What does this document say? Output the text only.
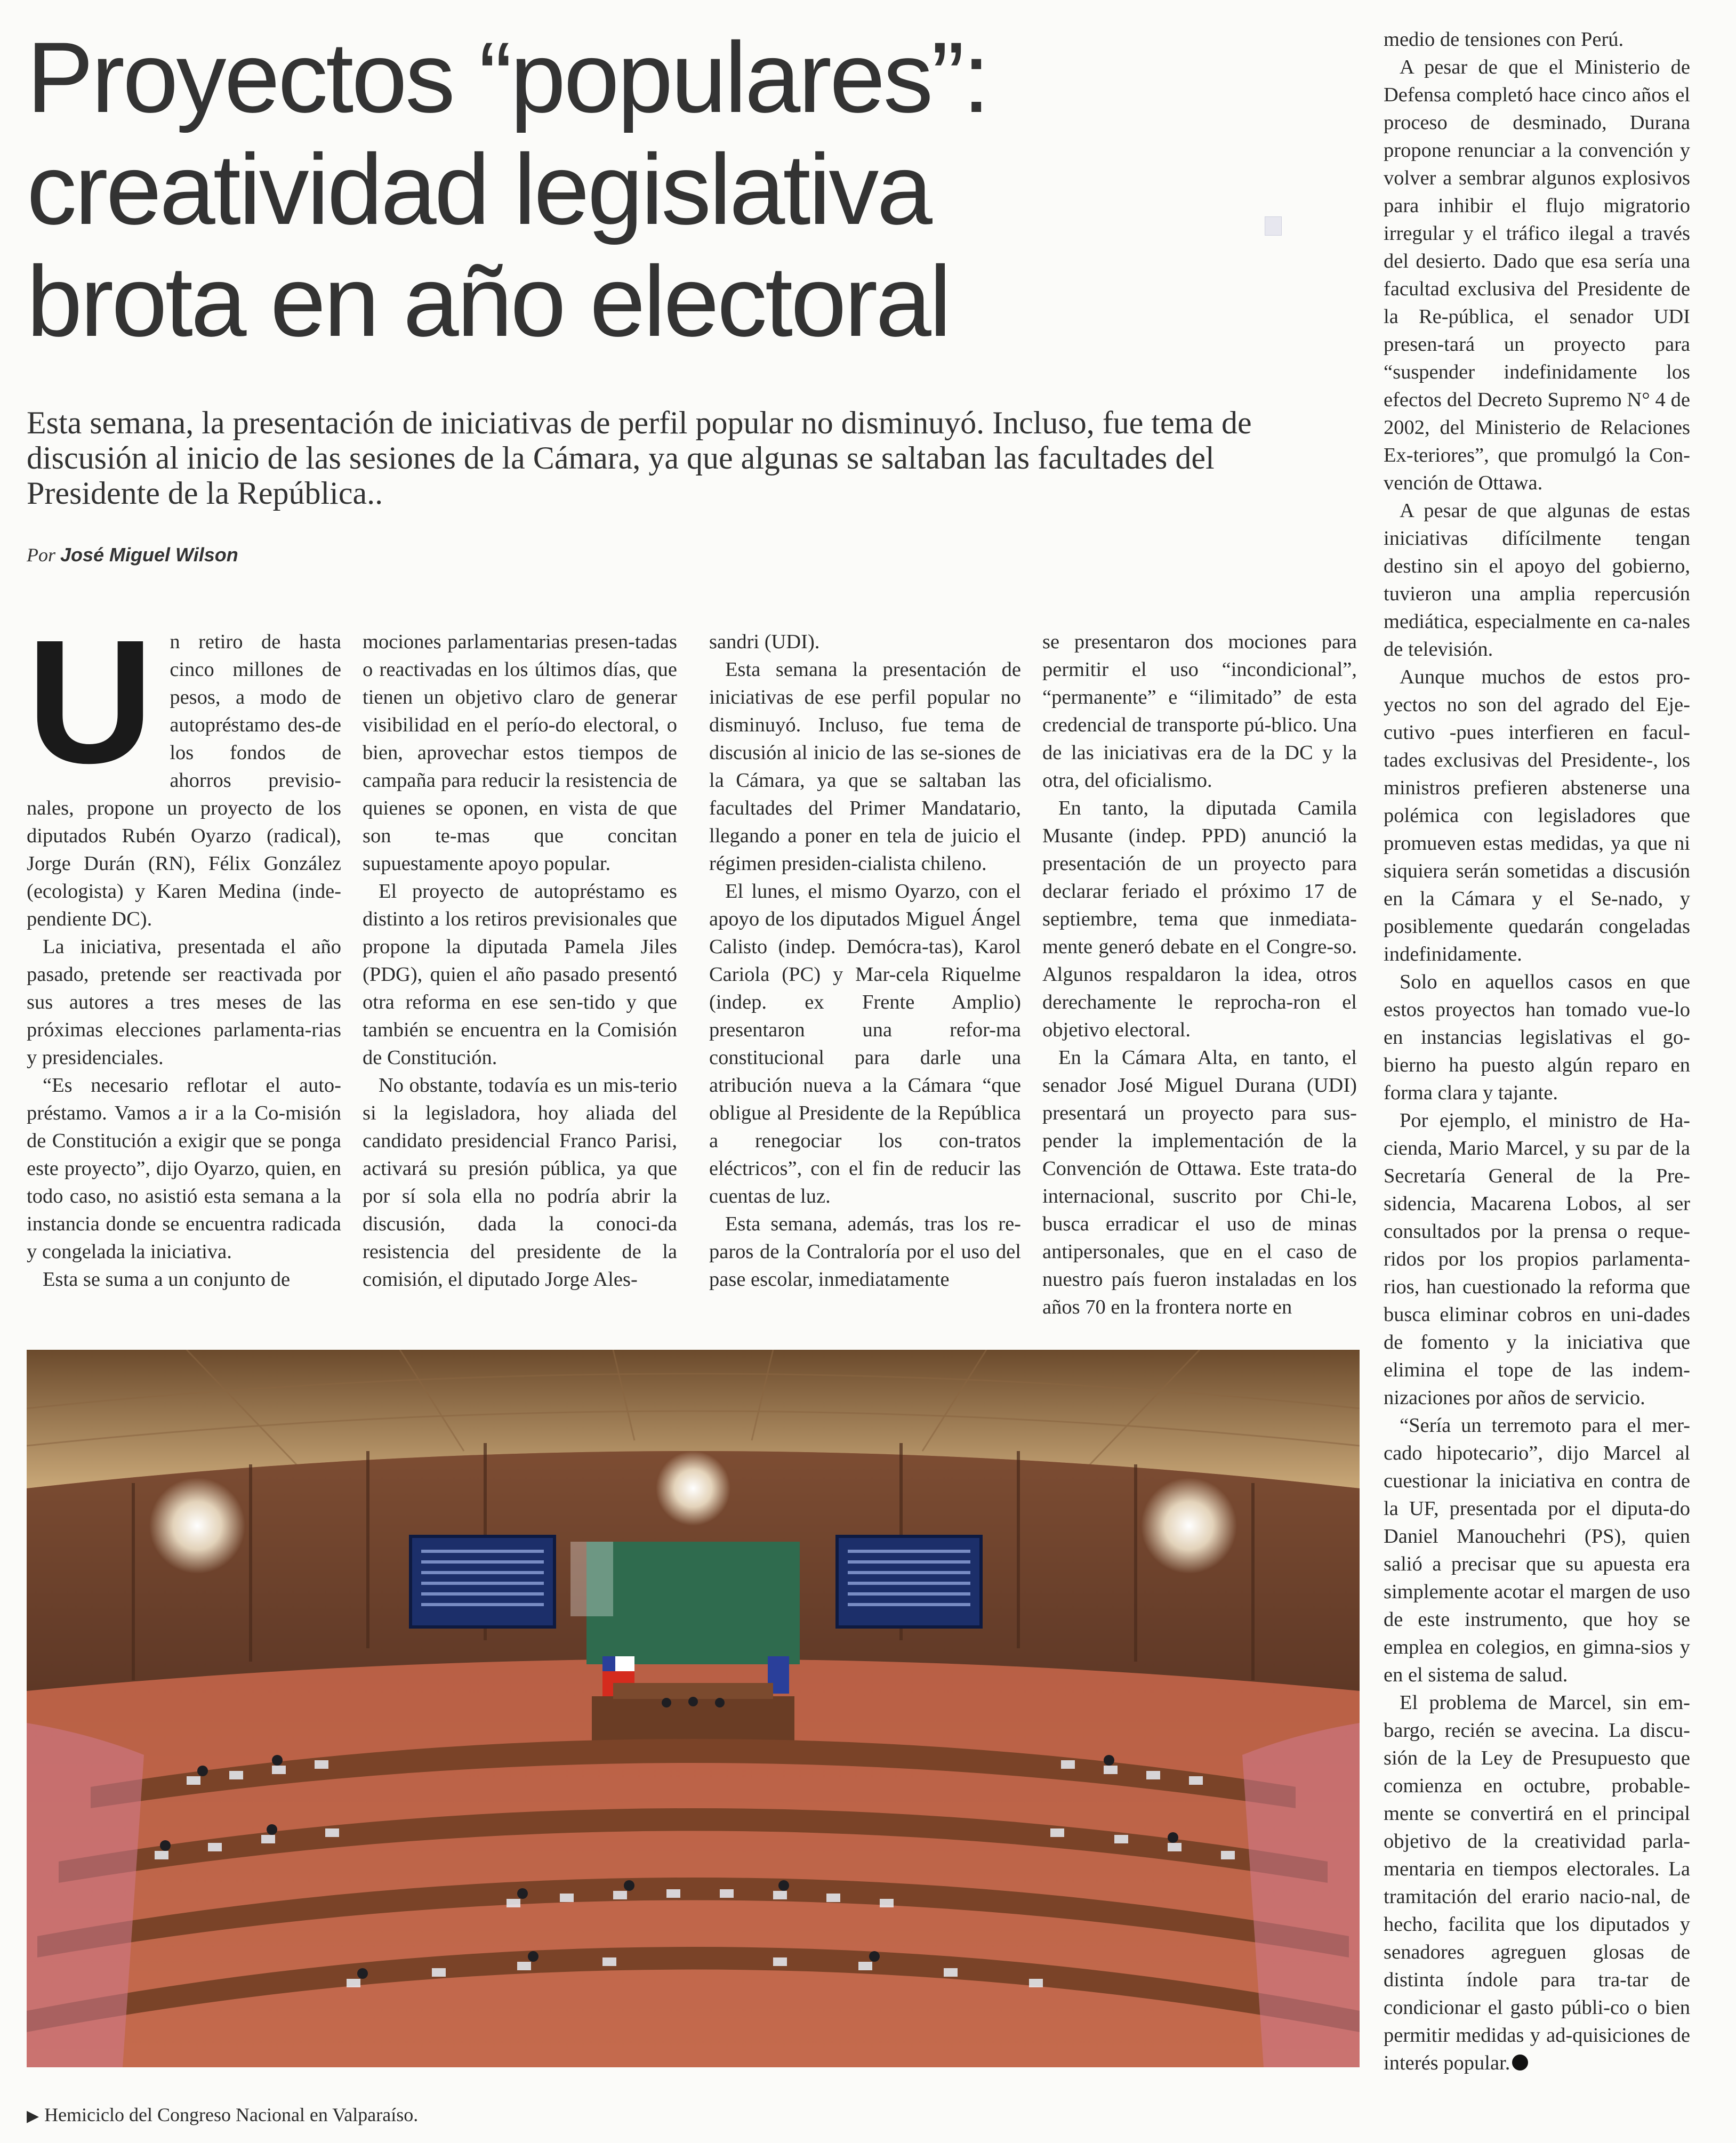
Proyectos “populares”:
creatividad legislativa
brota en año electoral

Esta semana, la presentación de iniciativas de perfil popular no disminuyó. Incluso, fue tema de discusión al inicio de las sesiones de la Cámara, ya que algunas se saltaban las facultades del Presidente de la República..

Por José Miguel Wilson

Un retiro de hasta cinco millones de pesos, a modo de autopréstamo des-de los fondos de ahorros previsio-nales, propone un proyecto de los diputados Rubén Oyarzo (radical), Jorge Durán (RN), Félix González (ecologista) y Karen Medina (inde-pendiente DC).

La iniciativa, presentada el año pasado, pretende ser reactivada por sus autores a tres meses de las próximas elecciones parlamenta-rias y presidenciales.

“Es necesario reflotar el auto-préstamo. Vamos a ir a la Co-misión de Constitución a exigir que se ponga este proyecto”, dijo Oyarzo, quien, en todo caso, no asistió esta semana a la instancia donde se encuentra radicada y congelada la iniciativa.

Esta se suma a un conjunto de

mociones parlamentarias presen-tadas o reactivadas en los últimos días, que tienen un objetivo claro de generar visibilidad en el perío-do electoral, o bien, aprovechar estos tiempos de campaña para reducir la resistencia de quienes se oponen, en vista de que son te-mas que concitan supuestamente apoyo popular.

El proyecto de autopréstamo es distinto a los retiros previsionales que propone la diputada Pamela Jiles (PDG), quien el año pasado presentó otra reforma en ese sen-tido y que también se encuentra en la Comisión de Constitución.

No obstante, todavía es un mis-terio si la legisladora, hoy aliada del candidato presidencial Franco Parisi, activará su presión pública, ya que por sí sola ella no podría abrir la discusión, dada la conoci-da resistencia del presidente de la comisión, el diputado Jorge Ales-

sandri (UDI).

Esta semana la presentación de iniciativas de ese perfil popular no disminuyó. Incluso, fue tema de discusión al inicio de las se-siones de la Cámara, ya que se saltaban las facultades del Primer Mandatario, llegando a poner en tela de juicio el régimen presiden-cialista chileno.

El lunes, el mismo Oyarzo, con el apoyo de los diputados Miguel Ángel Calisto (indep. Demócra-tas), Karol Cariola (PC) y Mar-cela Riquelme (indep. ex Frente Amplio) presentaron una refor-ma constitucional para darle una atribución nueva a la Cámara “que obligue al Presidente de la República a renegociar los con-tratos eléctricos”, con el fin de reducir las cuentas de luz.

Esta semana, además, tras los re-paros de la Contraloría por el uso del pase escolar, inmediatamente

se presentaron dos mociones para permitir el uso “incondicional”, “permanente” e “ilimitado” de esta credencial de transporte pú-blico. Una de las iniciativas era de la DC y la otra, del oficialismo.

En tanto, la diputada Camila Musante (indep. PPD) anunció la presentación de un proyecto para declarar feriado el próximo 17 de septiembre, tema que inmediata-mente generó debate en el Congre-so. Algunos respaldaron la idea, otros derechamente le reprocha-ron el objetivo electoral.

En la Cámara Alta, en tanto, el senador José Miguel Durana (UDI) presentará un proyecto para sus-pender la implementación de la Convención de Ottawa. Este trata-do internacional, suscrito por Chi-le, busca erradicar el uso de minas antipersonales, que en el caso de nuestro país fueron instaladas en los años 70 en la frontera norte en

medio de tensiones con Perú.

A pesar de que el Ministerio de Defensa completó hace cinco años el proceso de desminado, Durana propone renunciar a la convención y volver a sembrar algunos explosivos para inhibir el flujo migratorio irregular y el tráfico ilegal a través del desierto. Dado que esa sería una facultad exclusiva del Presidente de la Re-pública, el senador UDI presen-tará un proyecto para “suspender indefinidamente los efectos del Decreto Supremo N° 4 de 2002, del Ministerio de Relaciones Ex-teriores”, que promulgó la Con-vención de Ottawa.

A pesar de que algunas de estas iniciativas difícilmente tengan destino sin el apoyo del gobierno, tuvieron una amplia repercusión mediática, especialmente en ca-nales de televisión.

Aunque muchos de estos pro-yectos no son del agrado del Eje-cutivo -pues interfieren en facul-tades exclusivas del Presidente-, los ministros prefieren abstenerse una polémica con legisladores que promueven estas medidas, ya que ni siquiera serán sometidas a discusión en la Cámara y el Se-nado, y posiblemente quedarán congeladas indefinidamente.

Solo en aquellos casos en que estos proyectos han tomado vue-lo en instancias legislativas el go-bierno ha puesto algún reparo en forma clara y tajante.

Por ejemplo, el ministro de Ha-cienda, Mario Marcel, y su par de la Secretaría General de la Pre-sidencia, Macarena Lobos, al ser consultados por la prensa o reque-ridos por los propios parlamenta-rios, han cuestionado la reforma que busca eliminar cobros en uni-dades de fomento y la iniciativa que elimina el tope de las indem-nizaciones por años de servicio.

“Sería un terremoto para el mer-cado hipotecario”, dijo Marcel al cuestionar la iniciativa en contra de la UF, presentada por el diputa-do Daniel Manouchehri (PS), quien salió a precisar que su apuesta era simplemente acotar el margen de uso de este instrumento, que hoy se emplea en colegios, en gimna-sios y en el sistema de salud.

El problema de Marcel, sin em-bargo, recién se avecina. La discu-sión de la Ley de Presupuesto que comienza en octubre, probable-mente se convertirá en el principal objetivo de la creatividad parla-mentaria en tiempos electorales. La tramitación del erario nacio-nal, de hecho, facilita que los diputados y senadores agreguen glosas de distinta índole para tra-tar de condicionar el gasto públi-co o bien permitir medidas y ad-quisiciones de interés popular.

▶ Hemiciclo del Congreso Nacional en Valparaíso.
